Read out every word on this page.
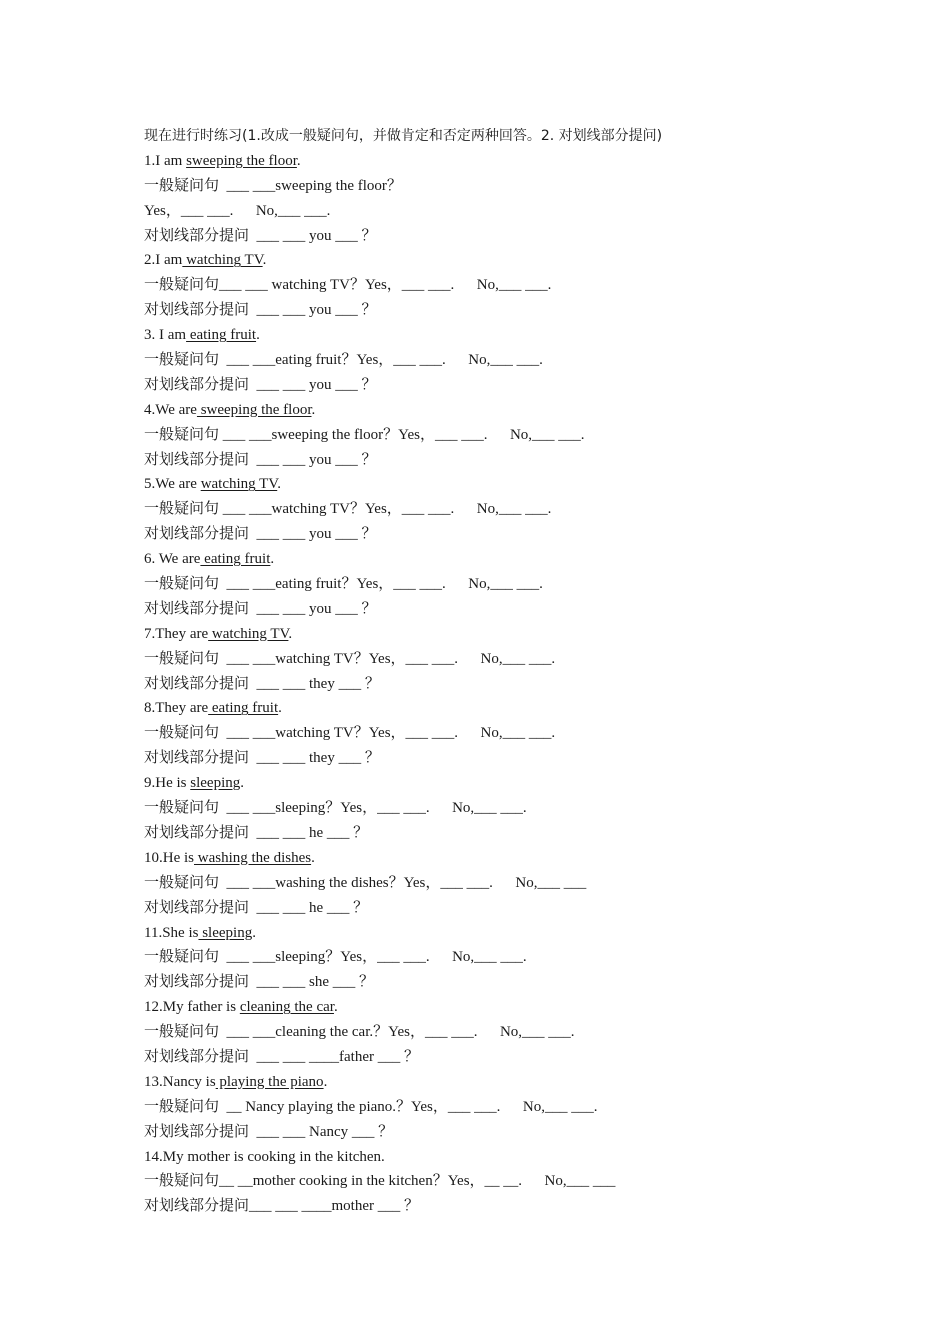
现在进行时练习(1.改成一般疑问句，并做肯定和否定两种回答。2. 对划线部分提问)
1.I am sweeping the floor.
一般疑问句  ___ ___sweeping the floor？
Yes，___ ___.      No,___ ___.
对划线部分提问  ___ ___ you ___ ？
2.I am watching TV.
一般疑问句___ ___ watching TV？Yes，___ ___.      No,___ ___.
对划线部分提问  ___ ___ you ___ ？
3. I am eating fruit.
一般疑问句  ___ ___eating fruit？Yes，___ ___.      No,___ ___.
对划线部分提问  ___ ___ you ___ ？
4.We are sweeping the floor.
一般疑问句 ___ ___sweeping the floor？Yes，___ ___.      No,___ ___.
对划线部分提问  ___ ___ you ___ ？
5.We are watching TV.
一般疑问句 ___ ___watching TV？Yes，___ ___.      No,___ ___.
对划线部分提问  ___ ___ you ___ ？
6. We are eating fruit.
一般疑问句  ___ ___eating fruit？Yes，___ ___.      No,___ ___.
对划线部分提问  ___ ___ you ___ ？
7.They are watching TV.
一般疑问句  ___ ___watching TV？Yes，___ ___.      No,___ ___.
对划线部分提问  ___ ___ they ___ ？
8.They are eating fruit.
一般疑问句  ___ ___watching TV？Yes，___ ___.      No,___ ___.
对划线部分提问  ___ ___ they ___ ？
9.He is sleeping.
一般疑问句  ___ ___sleeping？Yes，___ ___.      No,___ ___.
对划线部分提问  ___ ___ he ___ ？
10.He is washing the dishes.
一般疑问句  ___ ___washing the dishes？Yes，___ ___.      No,___ ___
对划线部分提问  ___ ___ he ___ ？
11.She is sleeping.
一般疑问句  ___ ___sleeping？Yes，___ ___.      No,___ ___.
对划线部分提问  ___ ___ she ___ ？
12.My father is cleaning the car.
一般疑问句  ___ ___cleaning the car.？Yes，___ ___.      No,___ ___.
对划线部分提问  ___ ___ ____father ___ ？
13.Nancy is playing the piano.
一般疑问句  __ Nancy playing the piano.？Yes，___ ___.      No,___ ___.
对划线部分提问  ___ ___ Nancy ___ ？
14.My mother is cooking in the kitchen.
一般疑问句__ __mother cooking in the kitchen？Yes，__ __.      No,___ ___
对划线部分提问___ ___ ____mother ___ ？
